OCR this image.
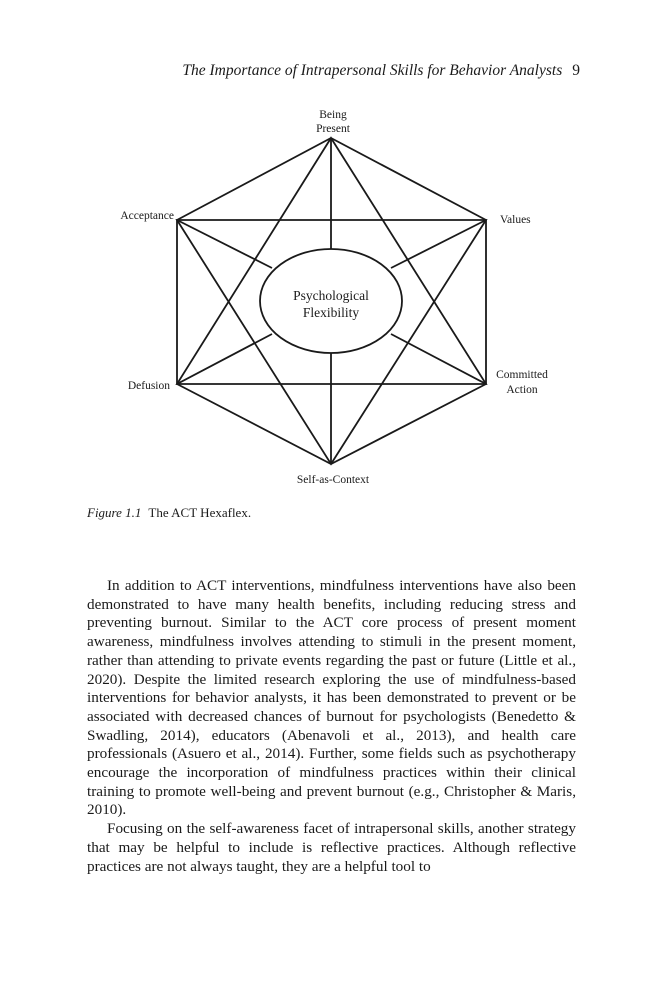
The Importance of Intrapersonal Skills for Behavior Analysts 9
Psychological
Flexibility
Being
Present
Values
Committed
Action
Self-as-Context
Defusion
Acceptance
Figure 1.1 The ACT Hexaflex.

In addition to ACT interventions, mindfulness interventions have also been demonstrated to have many health benefits, including reducing stress and preventing burnout. Similar to the ACT core process of present moment awareness, mindfulness involves attending to stimuli in the present moment, rather than attending to private events regarding the past or future (Little et al., 2020). Despite the limited research exploring the use of mindfulness-based interventions for behavior analysts, it has been demonstrated to prevent or be associated with decreased chances of burnout for psychologists (Benedetto & Swadling, 2014), educators (Abenavoli et al., 2013), and health care professionals (Asuero et al., 2014). Further, some fields such as psychotherapy encourage the incorporation of mindfulness practices within their clinical training to promote well-being and prevent burnout (e.g., Christopher & Maris, 2010).

Focusing on the self-awareness facet of intrapersonal skills, another strategy that may be helpful to include is reflective practices. Although reflective practices are not always taught, they are a helpful tool to
